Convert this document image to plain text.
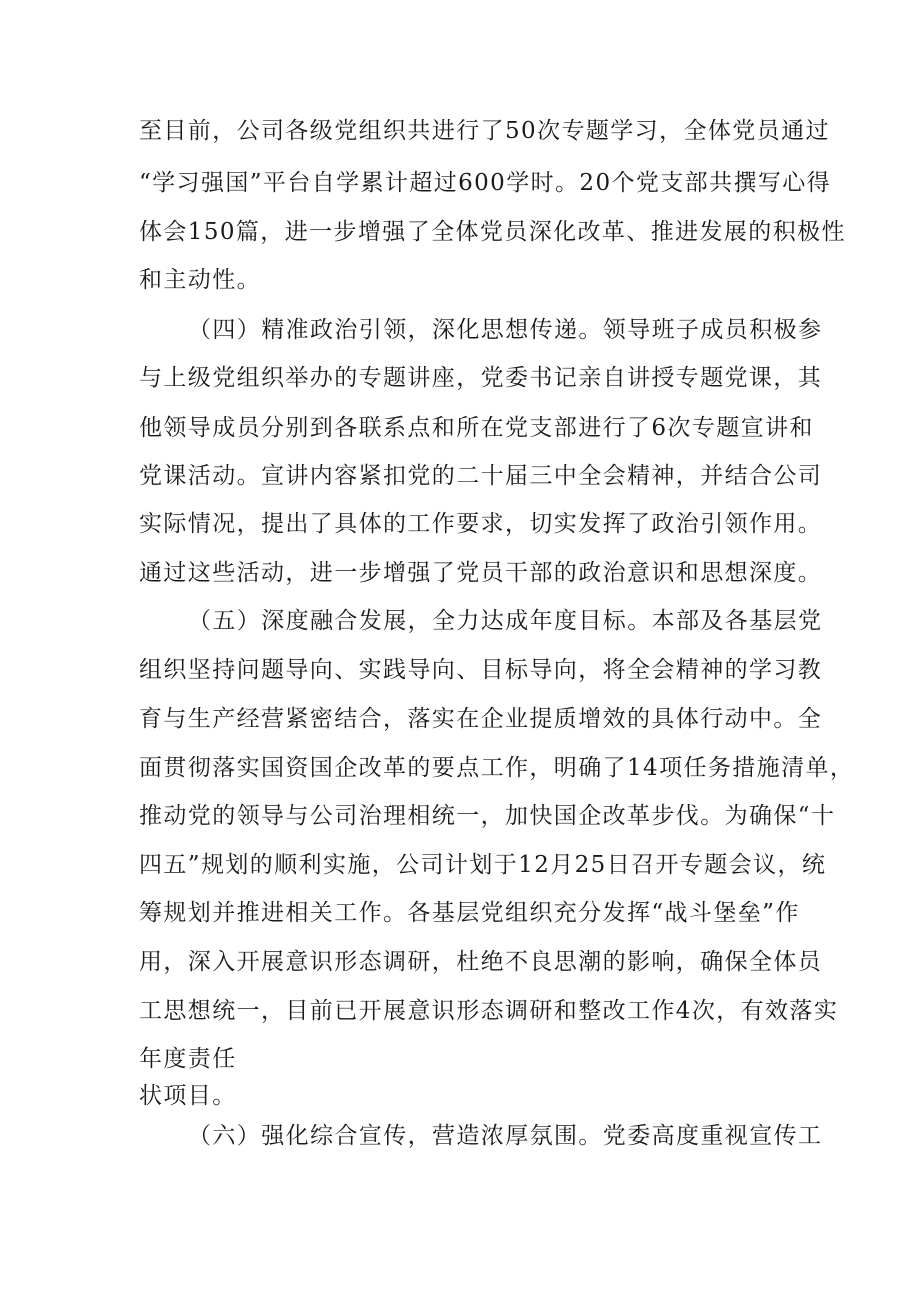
至目前，公司各级党组织共进行了50次专题学习，全体党员通过
“学习强国”平台自学累计超过600学时。20个党支部共撰写心得
体会150篇，进一步增强了全体党员深化改革、推进发展的积极性
和主动性。
（四）精准政治引领，深化思想传递。领导班子成员积极参
与上级党组织举办的专题讲座，党委书记亲自讲授专题党课，其
他领导成员分别到各联系点和所在党支部进行了6次专题宣讲和
党课活动。宣讲内容紧扣党的二十届三中全会精神，并结合公司
实际情况，提出了具体的工作要求，切实发挥了政治引领作用。
通过这些活动，进一步增强了党员干部的政治意识和思想深度。
（五）深度融合发展，全力达成年度目标。本部及各基层党
组织坚持问题导向、实践导向、目标导向，将全会精神的学习教
育与生产经营紧密结合，落实在企业提质增效的具体行动中。全
面贯彻落实国资国企改革的要点工作，明确了14项任务措施清单，
推动党的领导与公司治理相统一，加快国企改革步伐。为确保“十
四五”规划的顺利实施，公司计划于12月25日召开专题会议，统
筹规划并推进相关工作。各基层党组织充分发挥“战斗堡垒”作
用，深入开展意识形态调研，杜绝不良思潮的影响，确保全体员
工思想统一，目前已开展意识形态调研和整改工作4次，有效落实
年度责任
状项目。
（六）强化综合宣传，营造浓厚氛围。党委高度重视宣传工
